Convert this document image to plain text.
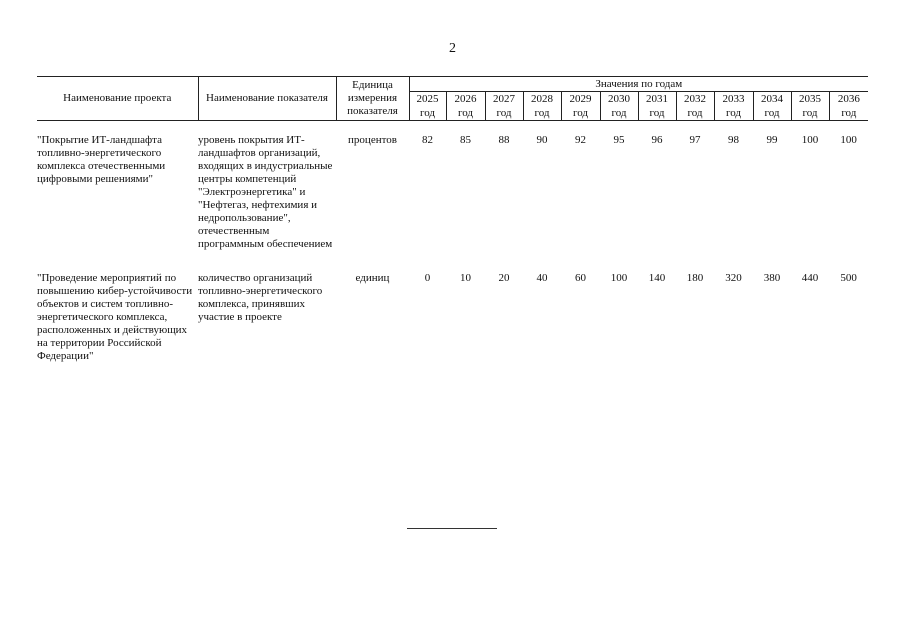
2
Наименование проекта	Наименование показателя	Единица измерения показателя	Значения по годам											
			2025	2026	2027	2028	2029	2030	2031	2032	2033	2034	2035	2036
			год	год	год	год	год	год	год	год	год	год	год	год

"Покрытие ИТ-ландшафта топливно-энергетического комплекса отечественными цифровыми решениями"	уровень покрытия ИТ-ландшафтов организаций, входящих в индустриальные центры компетенций "Электроэнергетика" и "Нефтегаз, нефтехимия и недропользование", отечественным программным обеспечением	процентов	82	85	88	90	92	95	96	97	98	99	100	100

"Проведение мероприятий по повышению кибер-устойчивости объектов и систем топливно-энергетического комплекса, расположенных и действующих на территории Российской Федерации"	количество организаций топливно-энергетического комплекса, принявших участие в проекте	единиц	0	10	20	40	60	100	140	180	320	380	440	500
